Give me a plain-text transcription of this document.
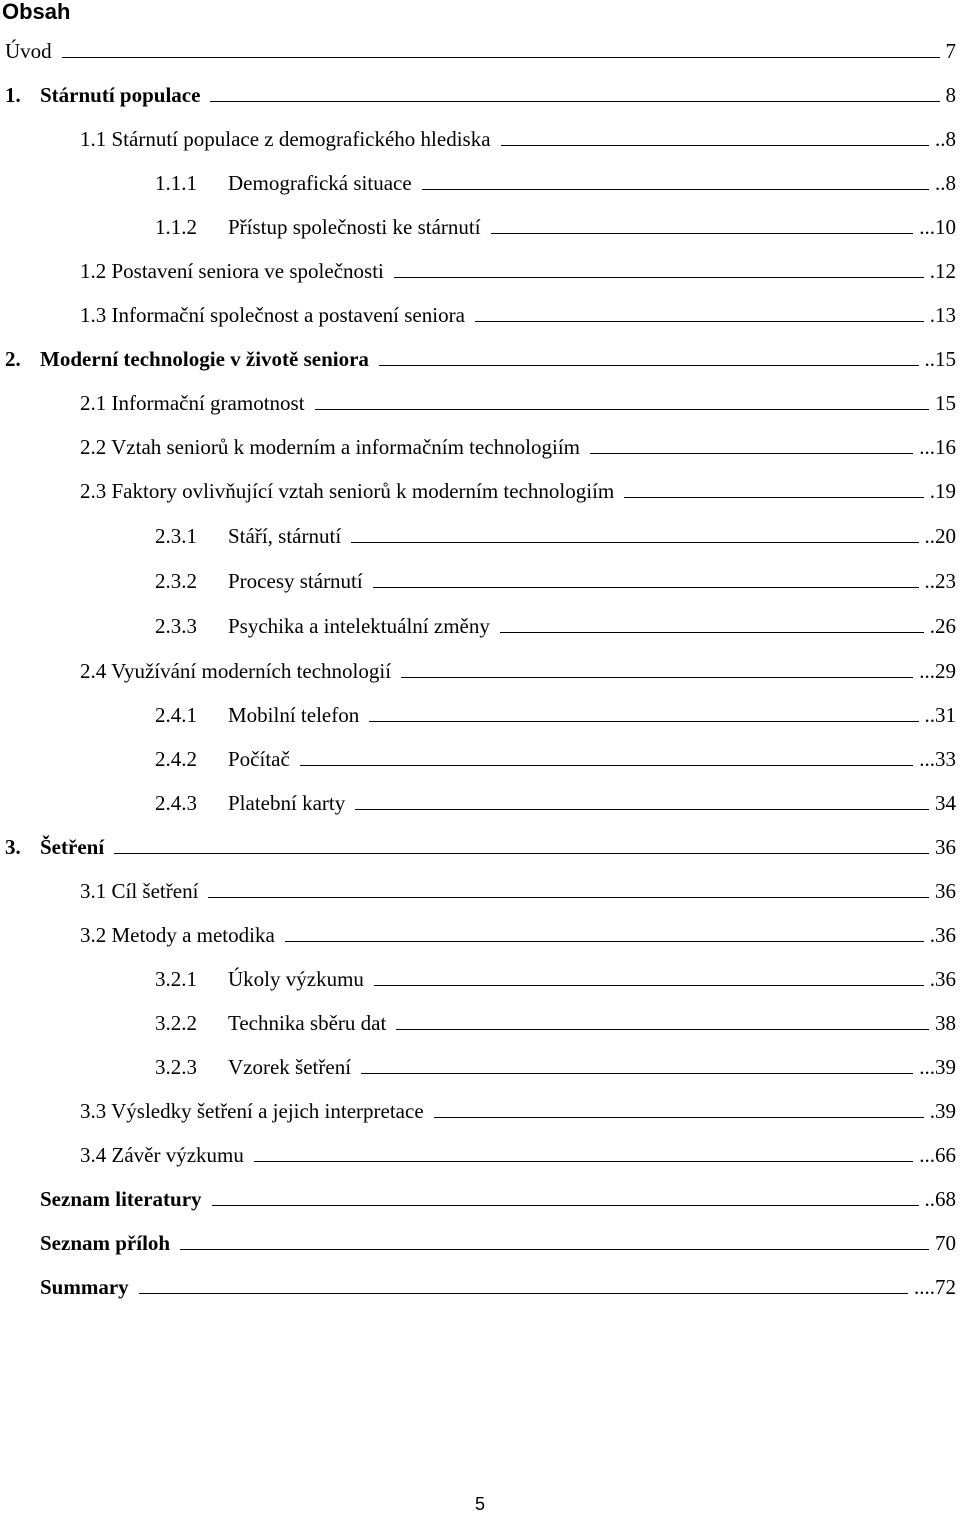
Obsah
Úvod	7
1. Stárnutí populace	8
1.1 Stárnutí populace z demografického hlediska	..8
1.1.1 Demografická situace	..8
1.1.2 Přístup společnosti ke stárnutí	...10
1.2 Postavení seniora ve společnosti	.12
1.3 Informační společnost a postavení seniora	.13
2. Moderní technologie v životě seniora	..15
2.1 Informační gramotnost	15
2.2 Vztah seniorů k moderním a informačním technologiím	...16
2.3 Faktory ovlivňující vztah seniorů k moderním technologiím	.19
2.3.1 Stáří, stárnutí	..20
2.3.2 Procesy stárnutí	..23
2.3.3 Psychika a intelektuální změny	.26
2.4 Využívání moderních technologií	...29
2.4.1 Mobilní telefon	..31
2.4.2 Počítač	...33
2.4.3 Platební karty	34
3. Šetření	36
3.1 Cíl šetření	36
3.2 Metody a metodika	.36
3.2.1 Úkoly výzkumu	.36
3.2.2 Technika sběru dat	38
3.2.3 Vzorek šetření	...39
3.3 Výsledky šetření a jejich interpretace	.39
3.4 Závěr výzkumu	...66
Seznam literatury	..68
Seznam příloh	70
Summary	....72
5
